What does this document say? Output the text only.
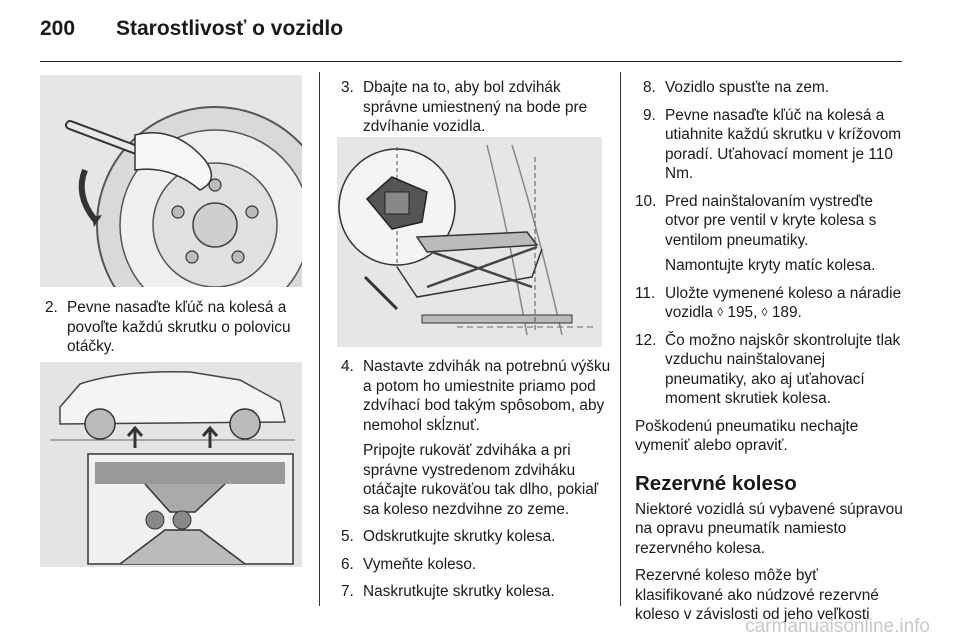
200 Starostlivosť o vozidlo
2. Pevne nasaďte kľúč na kolesá a povoľte každú skrutku o polovicu otáčky.
3. Dbajte na to, aby bol zdvihák správne umiestnený na bode pre zdvíhanie vozidla.
4. Nastavte zdvihák na potrebnú výšku a potom ho umiestnite priamo pod zdvíhací bod takým spôsobom, aby nemohol skĺznuť.
Pripojte rukoväť zdviháka a pri správne vystredenom zdviháku otáčajte rukoväťou tak dlho, pokiaľ sa koleso nezdvihne zo zeme.
5. Odskrutkujte skrutky kolesa.
6. Vymeňte koleso.
7. Naskrutkujte skrutky kolesa.
8. Vozidlo spusťte na zem.
9. Pevne nasaďte kľúč na kolesá a utiahnite každú skrutku v krížovom poradí. Uťahovací moment je 110 Nm.
10. Pred nainštalovaním vystreďte otvor pre ventil v kryte kolesa s ventilom pneumatiky.
Namontujte kryty matíc kolesa.
11. Uložte vymenené koleso a náradie vozidla ◊ 195, ◊ 189.
12. Čo možno najskôr skontrolujte tlak vzduchu nainštalovanej pneumatiky, ako aj uťahovací moment skrutiek kolesa.
Poškodenú pneumatiku nechajte vymeniť alebo opraviť.
Rezervné koleso
Niektoré vozidlá sú vybavené súpravou na opravu pneumatík namiesto rezervného kolesa.
Rezervné koleso môže byť klasifikované ako núdzové rezervné koleso v závislosti od jeho veľkosti
carmanualsonline.info
